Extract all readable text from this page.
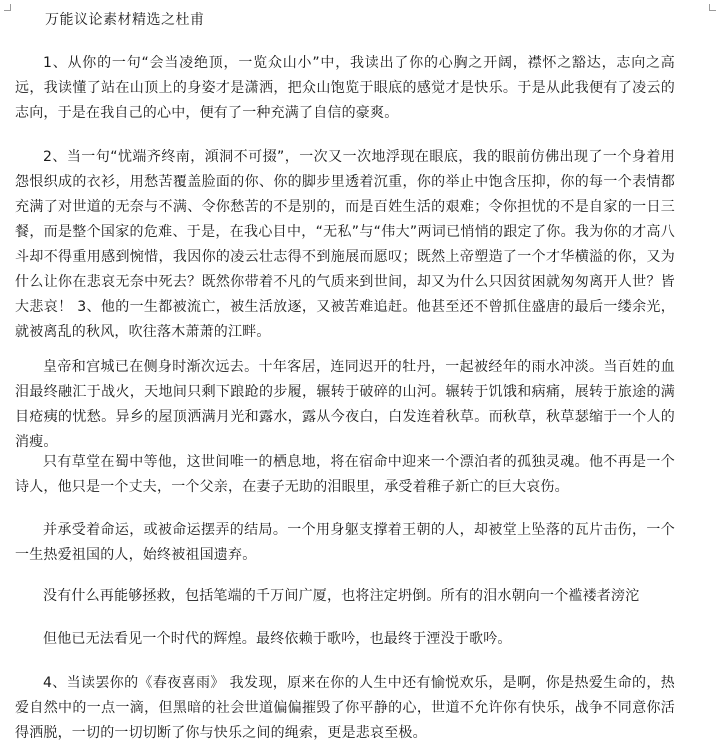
万能议论素材精选之杜甫

1、从你的一句“会当凌绝顶，一览众山小”中，我读出了你的心胸之开阔，襟怀之豁达，志向之高远，我读懂了站在山顶上的身姿才是潇洒，把众山饱览于眼底的感觉才是快乐。于是从此我便有了凌云的志向，于是在我自己的心中，便有了一种充满了自信的豪爽。

2、当一句“忧端齐终南，澒洞不可掇”，一次又一次地浮现在眼底，我的眼前仿佛出现了一个身着用怨恨织成的衣衫，用愁苦覆盖脸面的你、你的脚步里透着沉重，你的举止中饱含压抑，你的每一个表情都充满了对世道的无奈与不满、令你愁苦的不是别的，而是百姓生活的艰难；令你担忧的不是自家的一日三餐，而是整个国家的危难、于是，在我心目中，“无私”与“伟大”两词已悄悄的跟定了你。我为你的才高八斗却不得重用感到惋惜，我因你的凌云壮志得不到施展而愿叹；既然上帝塑造了一个才华横溢的你，又为什么让你在悲哀无奈中死去？既然你带着不凡的气质来到世间，却又为什么只因贫困就匆匆离开人世？皆大悲哀！ 3、他的一生都被流亡，被生活放逐，又被苦难追赶。他甚至还不曾抓住盛唐的最后一缕余光，就被离乱的秋风，吹往落木萧萧的江畔。

皇帝和宫城已在侧身时渐次远去。十年客居，连同迟开的牡丹，一起被经年的雨水冲淡。当百姓的血泪最终融汇于战火，天地间只剩下踉跄的步履，辗转于破碎的山河。辗转于饥饿和病痛，展转于旅途的满目疮痍的忧愁。异乡的屋顶洒满月光和露水，露从今夜白，白发连着秋草。而秋草，秋草瑟缩于一个人的消瘦。

只有草堂在蜀中等他，这世间唯一的栖息地，将在宿命中迎来一个漂泊者的孤独灵魂。他不再是一个诗人，他只是一个丈夫，一个父亲，在妻子无助的泪眼里，承受着稚子新亡的巨大哀伤。

并承受着命运，或被命运摆弄的结局。一个用身躯支撑着王朝的人，却被堂上坠落的瓦片击伤，一个一生热爱祖国的人，始终被祖国遗弃。

没有什么再能够拯救，包括笔端的千万间广厦，也将注定坍倒。所有的泪水朝向一个褴褛者滂沱

但他已无法看见一个时代的辉煌。最终依赖于歌吟，也最终于湮没于歌吟。

4、当读罢你的《春夜喜雨》 我发现，原来在你的人生中还有愉悦欢乐，是啊，你是热爱生命的，热爱自然中的一点一滴，但黑暗的社会世道偏偏摧毁了你平静的心，世道不允许你有快乐，战争不同意你活得洒脱，一切的一切切断了你与快乐之间的绳索，更是悲哀至极。
